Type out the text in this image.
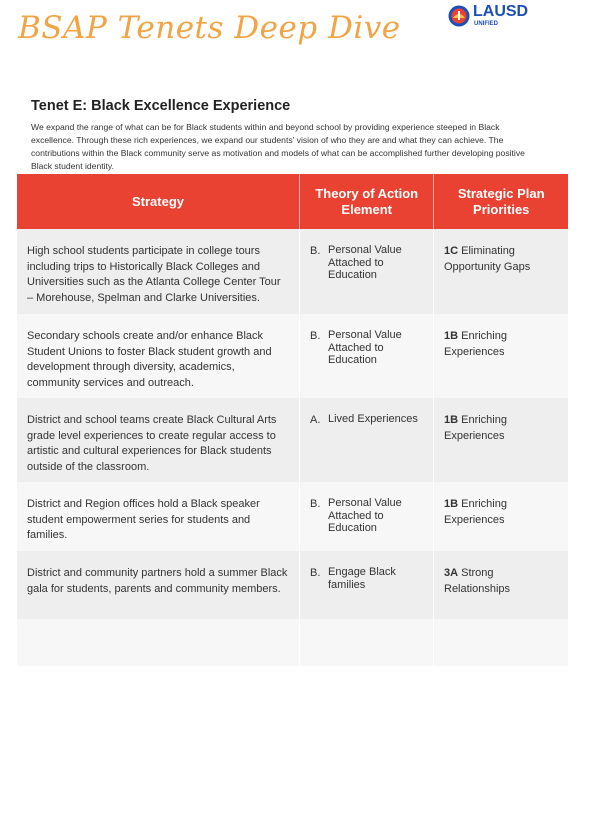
BSAP Tenets Deep Dive	LAUSD
UNIFIED
Tenet E: Black Excellence Experience
We expand the range of what can be for Black students within and beyond school by providing experience steeped in Black excellence. Through these rich experiences, we expand our students' vision of who they are and what they can achieve. The contributions within the Black community serve as motivation and models of what can be accomplished further developing positive Black student identity.
Strategy
Theory of Action Element
Strategic Plan Priorities
High school students participate in college tours including trips to Historically Black Colleges and Universities such as the Atlanta College Center Tour – Morehouse, Spelman and Clarke Universities.
B. Personal Value Attached to Education
1C Eliminating Opportunity Gaps
Secondary schools create and/or enhance Black Student Unions to foster Black student growth and development through diversity, academics, community services and outreach.
B. Personal Value Attached to Education
1B Enriching Experiences
District and school teams create Black Cultural Arts grade level experiences to create regular access to artistic and cultural experiences for Black students outside of the classroom.
A. Lived Experiences	1B Enriching Experiences
District and Region offices hold a Black speaker student empowerment series for students and families.
B. Personal Value Attached to Education
1B Enriching Experiences
District and community partners hold a summer Black gala for students, parents and community members.
B. Engage Black families
3A Strong Relationships
